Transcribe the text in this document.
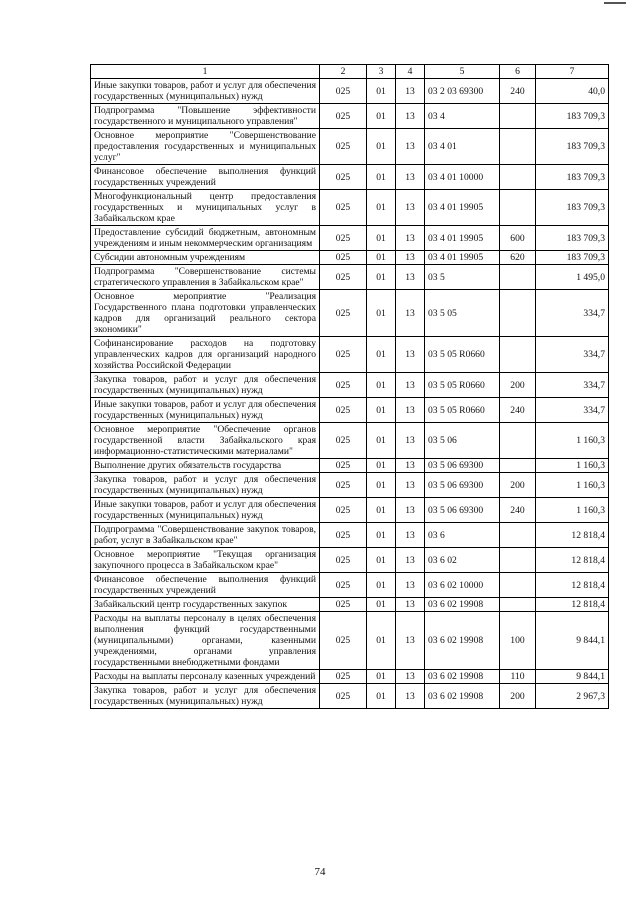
1	2	3	4	5	6	7
Иные закупки товаров, работ и услуг для обеспечения государственных (муниципальных) нужд	025	01	13	03 2 03 69300	240	40,0
Подпрограмма "Повышение эффективности государственного и муниципального управления"	025	01	13	03 4		183 709,3
Основное мероприятие "Совершенствование предоставления государственных и муниципальных услуг"	025	01	13	03 4 01		183 709,3
Финансовое обеспечение выполнения функций государственных учреждений	025	01	13	03 4 01 10000		183 709,3
Многофункциональный центр предоставления государственных и муниципальных услуг в Забайкальском крае	025	01	13	03 4 01 19905		183 709,3
Предоставление субсидий бюджетным, автономным учреждениям и иным некоммерческим организациям	025	01	13	03 4 01 19905	600	183 709,3
Субсидии автономным учреждениям	025	01	13	03 4 01 19905	620	183 709,3
Подпрограмма "Совершенствование системы стратегического управления в Забайкальском крае"	025	01	13	03 5		1 495,0
Основное мероприятие "Реализация Государственного плана подготовки управленческих кадров для организаций реального сектора экономики"	025	01	13	03 5 05		334,7
Софинансирование расходов на подготовку управленческих кадров для организаций народного хозяйства Российской Федерации	025	01	13	03 5 05 R0660		334,7
Закупка товаров, работ и услуг для обеспечения государственных (муниципальных) нужд	025	01	13	03 5 05 R0660	200	334,7
Иные закупки товаров, работ и услуг для обеспечения государственных (муниципальных) нужд	025	01	13	03 5 05 R0660	240	334,7
Основное мероприятие "Обеспечение органов государственной власти Забайкальского края информационно-статистическими материалами"	025	01	13	03 5 06		1 160,3
Выполнение других обязательств государства	025	01	13	03 5 06 69300		1 160,3
Закупка товаров, работ и услуг для обеспечения государственных (муниципальных) нужд	025	01	13	03 5 06 69300	200	1 160,3
Иные закупки товаров, работ и услуг для обеспечения государственных (муниципальных) нужд	025	01	13	03 5 06 69300	240	1 160,3
Подпрограмма "Совершенствование закупок товаров, работ, услуг в Забайкальском крае"	025	01	13	03 6		12 818,4
Основное мероприятие "Текущая организация закупочного процесса в Забайкальском крае"	025	01	13	03 6 02		12 818,4
Финансовое обеспечение выполнения функций государственных учреждений	025	01	13	03 6 02 10000		12 818,4
Забайкальский центр государственных закупок	025	01	13	03 6 02 19908		12 818,4
Расходы на выплаты персоналу в целях обеспечения выполнения функций государственными (муниципальными) органами, казенными учреждениями, органами управления государственными внебюджетными фондами	025	01	13	03 6 02 19908	100	9 844,1
Расходы на выплаты персоналу казенных учреждений	025	01	13	03 6 02 19908	110	9 844,1
Закупка товаров, работ и услуг для обеспечения государственных (муниципальных) нужд	025	01	13	03 6 02 19908	200	2 967,3
74
